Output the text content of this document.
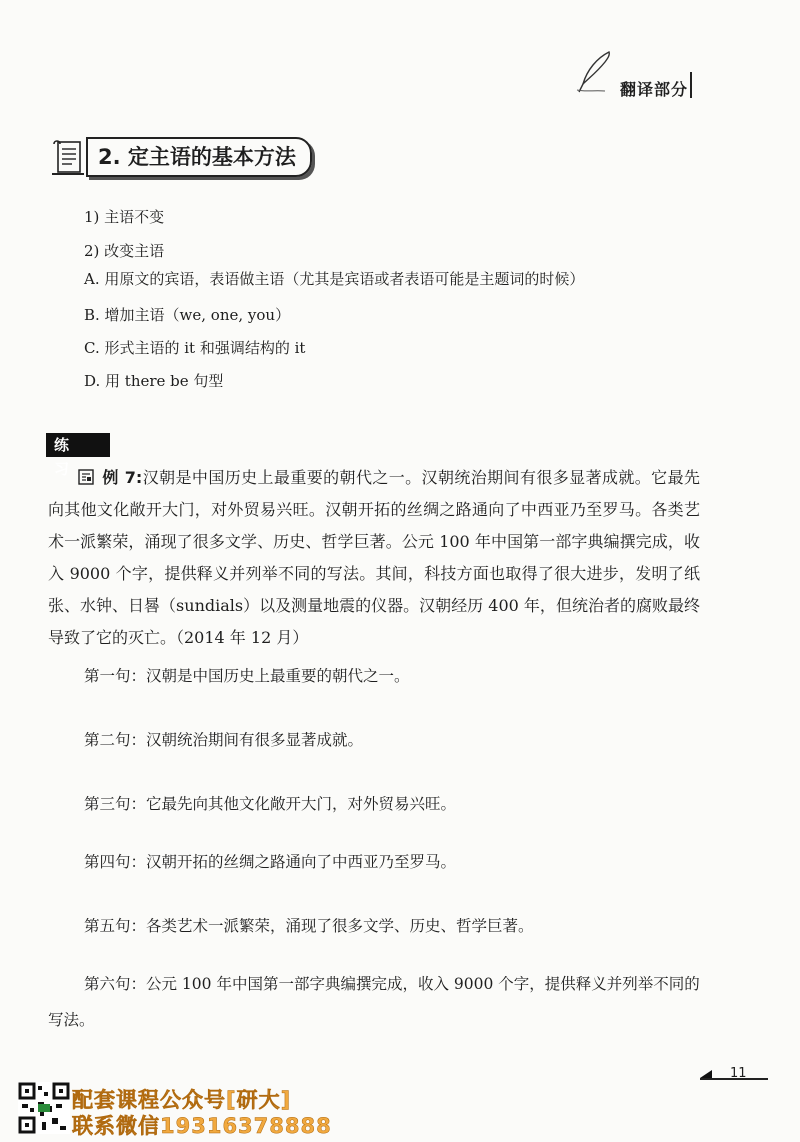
翻译部分
2. 定主语的基本方法
1) 主语不变
2) 改变主语
A. 用原文的宾语，表语做主语（尤其是宾语或者表语可能是主题词的时候）
B. 增加主语（we, one, you）
C. 形式主语的 it 和强调结构的 it
D. 用 there be 句型
练习	例 7:汉朝是中国历史上最重要的朝代之一。汉朝统治期间有很多显著成就。它最先向其他文化敞开大门，对外贸易兴旺。汉朝开拓的丝绸之路通向了中西亚乃至罗马。各类艺术一派繁荣，涌现了很多文学、历史、哲学巨著。公元 100 年中国第一部字典编撰完成，收入 9000 个字，提供释义并列举不同的写法。其间，科技方面也取得了很大进步，发明了纸张、水钟、日晷（sundials）以及测量地震的仪器。汉朝经历 400 年，但统治者的腐败最终导致了它的灭亡。（2014 年 12 月）
第一句：汉朝是中国历史上最重要的朝代之一。
第二句：汉朝统治期间有很多显著成就。
第三句：它最先向其他文化敞开大门，对外贸易兴旺。
第四句：汉朝开拓的丝绸之路通向了中西亚乃至罗马。
第五句：各类艺术一派繁荣，涌现了很多文学、历史、哲学巨著。
第六句：公元 100 年中国第一部字典编撰完成，收入 9000 个字，提供释义并列举不同的写法。
11
配套课程公众号[研大]
联系微信19316378888
